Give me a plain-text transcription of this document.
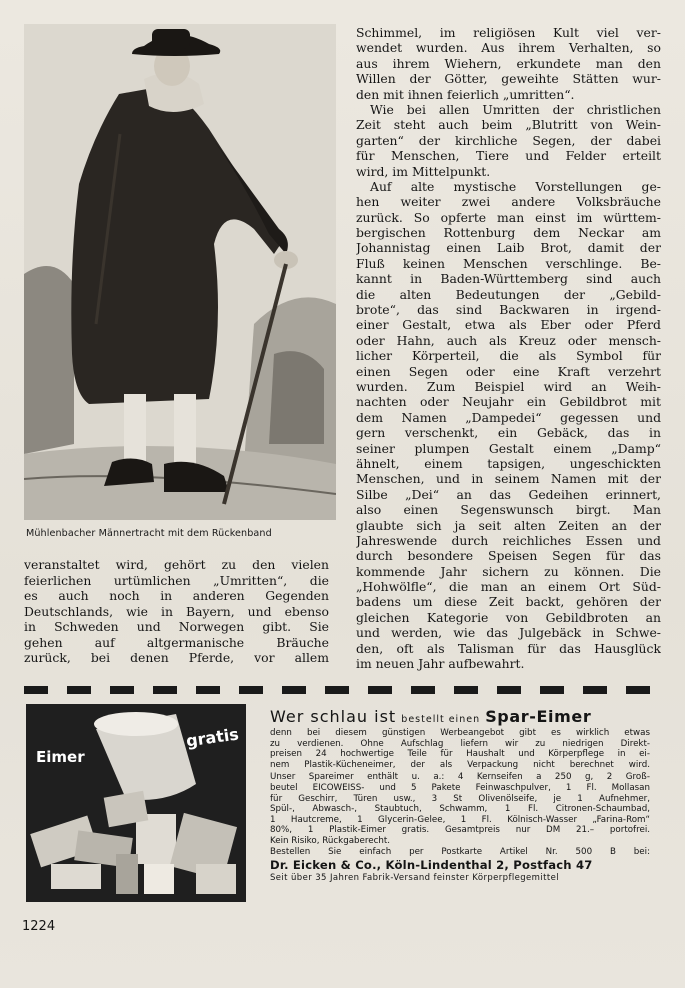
Mühlenbacher Männertracht mit dem Rückenband
Schimmel, im religiösen Kult viel ver-
wendet wurden. Aus ihrem Verhalten, so
aus ihrem Wiehern, erkundete man den
Willen der Götter, geweihte Stätten wur-
den mit ihnen feierlich „umritten“.
Wie bei allen Umritten der christlichen
Zeit steht auch beim „Blutritt von Wein-
garten“ der kirchliche Segen, der dabei
für Menschen, Tiere und Felder erteilt
wird, im Mittelpunkt.
Auf alte mystische Vorstellungen ge-
hen weiter zwei andere Volksbräuche
zurück. So opferte man einst im württem-
bergischen Rottenburg dem Neckar am
Johannistag einen Laib Brot, damit der
Fluß keinen Menschen verschlinge. Be-
kannt in Baden-Württemberg sind auch
die alten Bedeutungen der „Gebild-
brote“, das sind Backwaren in irgend-
einer Gestalt, etwa als Eber oder Pferd
oder Hahn, auch als Kreuz oder mensch-
licher Körperteil, die als Symbol für
einen Segen oder eine Kraft verzehrt
wurden. Zum Beispiel wird an Weih-
nachten oder Neujahr ein Gebildbrot mit
dem Namen „Dampedei“ gegessen und
gern verschenkt, ein Gebäck, das in
seiner plumpen Gestalt einem „Damp“
ähnelt, einem tapsigen, ungeschickten
Menschen, und in seinem Namen mit der
Silbe „Dei“ an das Gedeihen erinnert,
also einen Segenswunsch birgt. Man
glaubte sich ja seit alten Zeiten an der
Jahreswende durch reichliches Essen und
durch besondere Speisen Segen für das
kommende Jahr sichern zu können. Die
„Hohwölfle“, die man an einem Ort Süd-
badens um diese Zeit backt, gehören der
gleichen Kategorie von Gebildbroten an
und werden, wie das Julgebäck in Schwe-
den, oft als Talisman für das Hausglück
im neuen Jahr aufbewahrt.
veranstaltet wird, gehört zu den vielen
feierlichen urtümlichen „Umritten“, die
es auch noch in anderen Gegenden
Deutschlands, wie in Bayern, und ebenso
in Schweden und Norwegen gibt. Sie
gehen auf altgermanische Bräuche
zurück, bei denen Pferde, vor allem
Eimer
gratis
Wer schlau ist bestellt einen Spar-Eimer
denn bei diesem günstigen Werbeangebot gibt es wirklich etwas
zu verdienen. Ohne Aufschlag liefern wir zu niedrigen Direkt-
preisen 24 hochwertige Teile für Haushalt und Körperpflege in ei-
nem Plastik-Kücheneimer, der als Verpackung nicht berechnet wird.
Unser Spareimer enthält u. a.: 4 Kernseifen a 250 g, 2 Groß-
beutel EICOWEISS- und 5 Pakete Feinwaschpulver, 1 Fl. Mollasan
für Geschirr, Türen usw., 3 St Olivenölseife, je 1 Aufnehmer,
Spül-, Abwasch-, Staubtuch, Schwamm, 1 Fl. Citronen-Schaumbad,
1 Hautcreme, 1 Glycerin-Gelee, 1 Fl. Kölnisch-Wasser „Farina-Rom“
80%, 1 Plastik-Eimer gratis. Gesamtpreis nur DM 21.– portofrei.
Kein Risiko, Rückgaberecht.
Bestellen Sie einfach per Postkarte Artikel Nr. 500 B bei:
Dr. Eicken & Co., Köln-Lindenthal 2, Postfach 47
Seit über 35 Jahren Fabrik-Versand feinster Körperpflegemittel
1224
